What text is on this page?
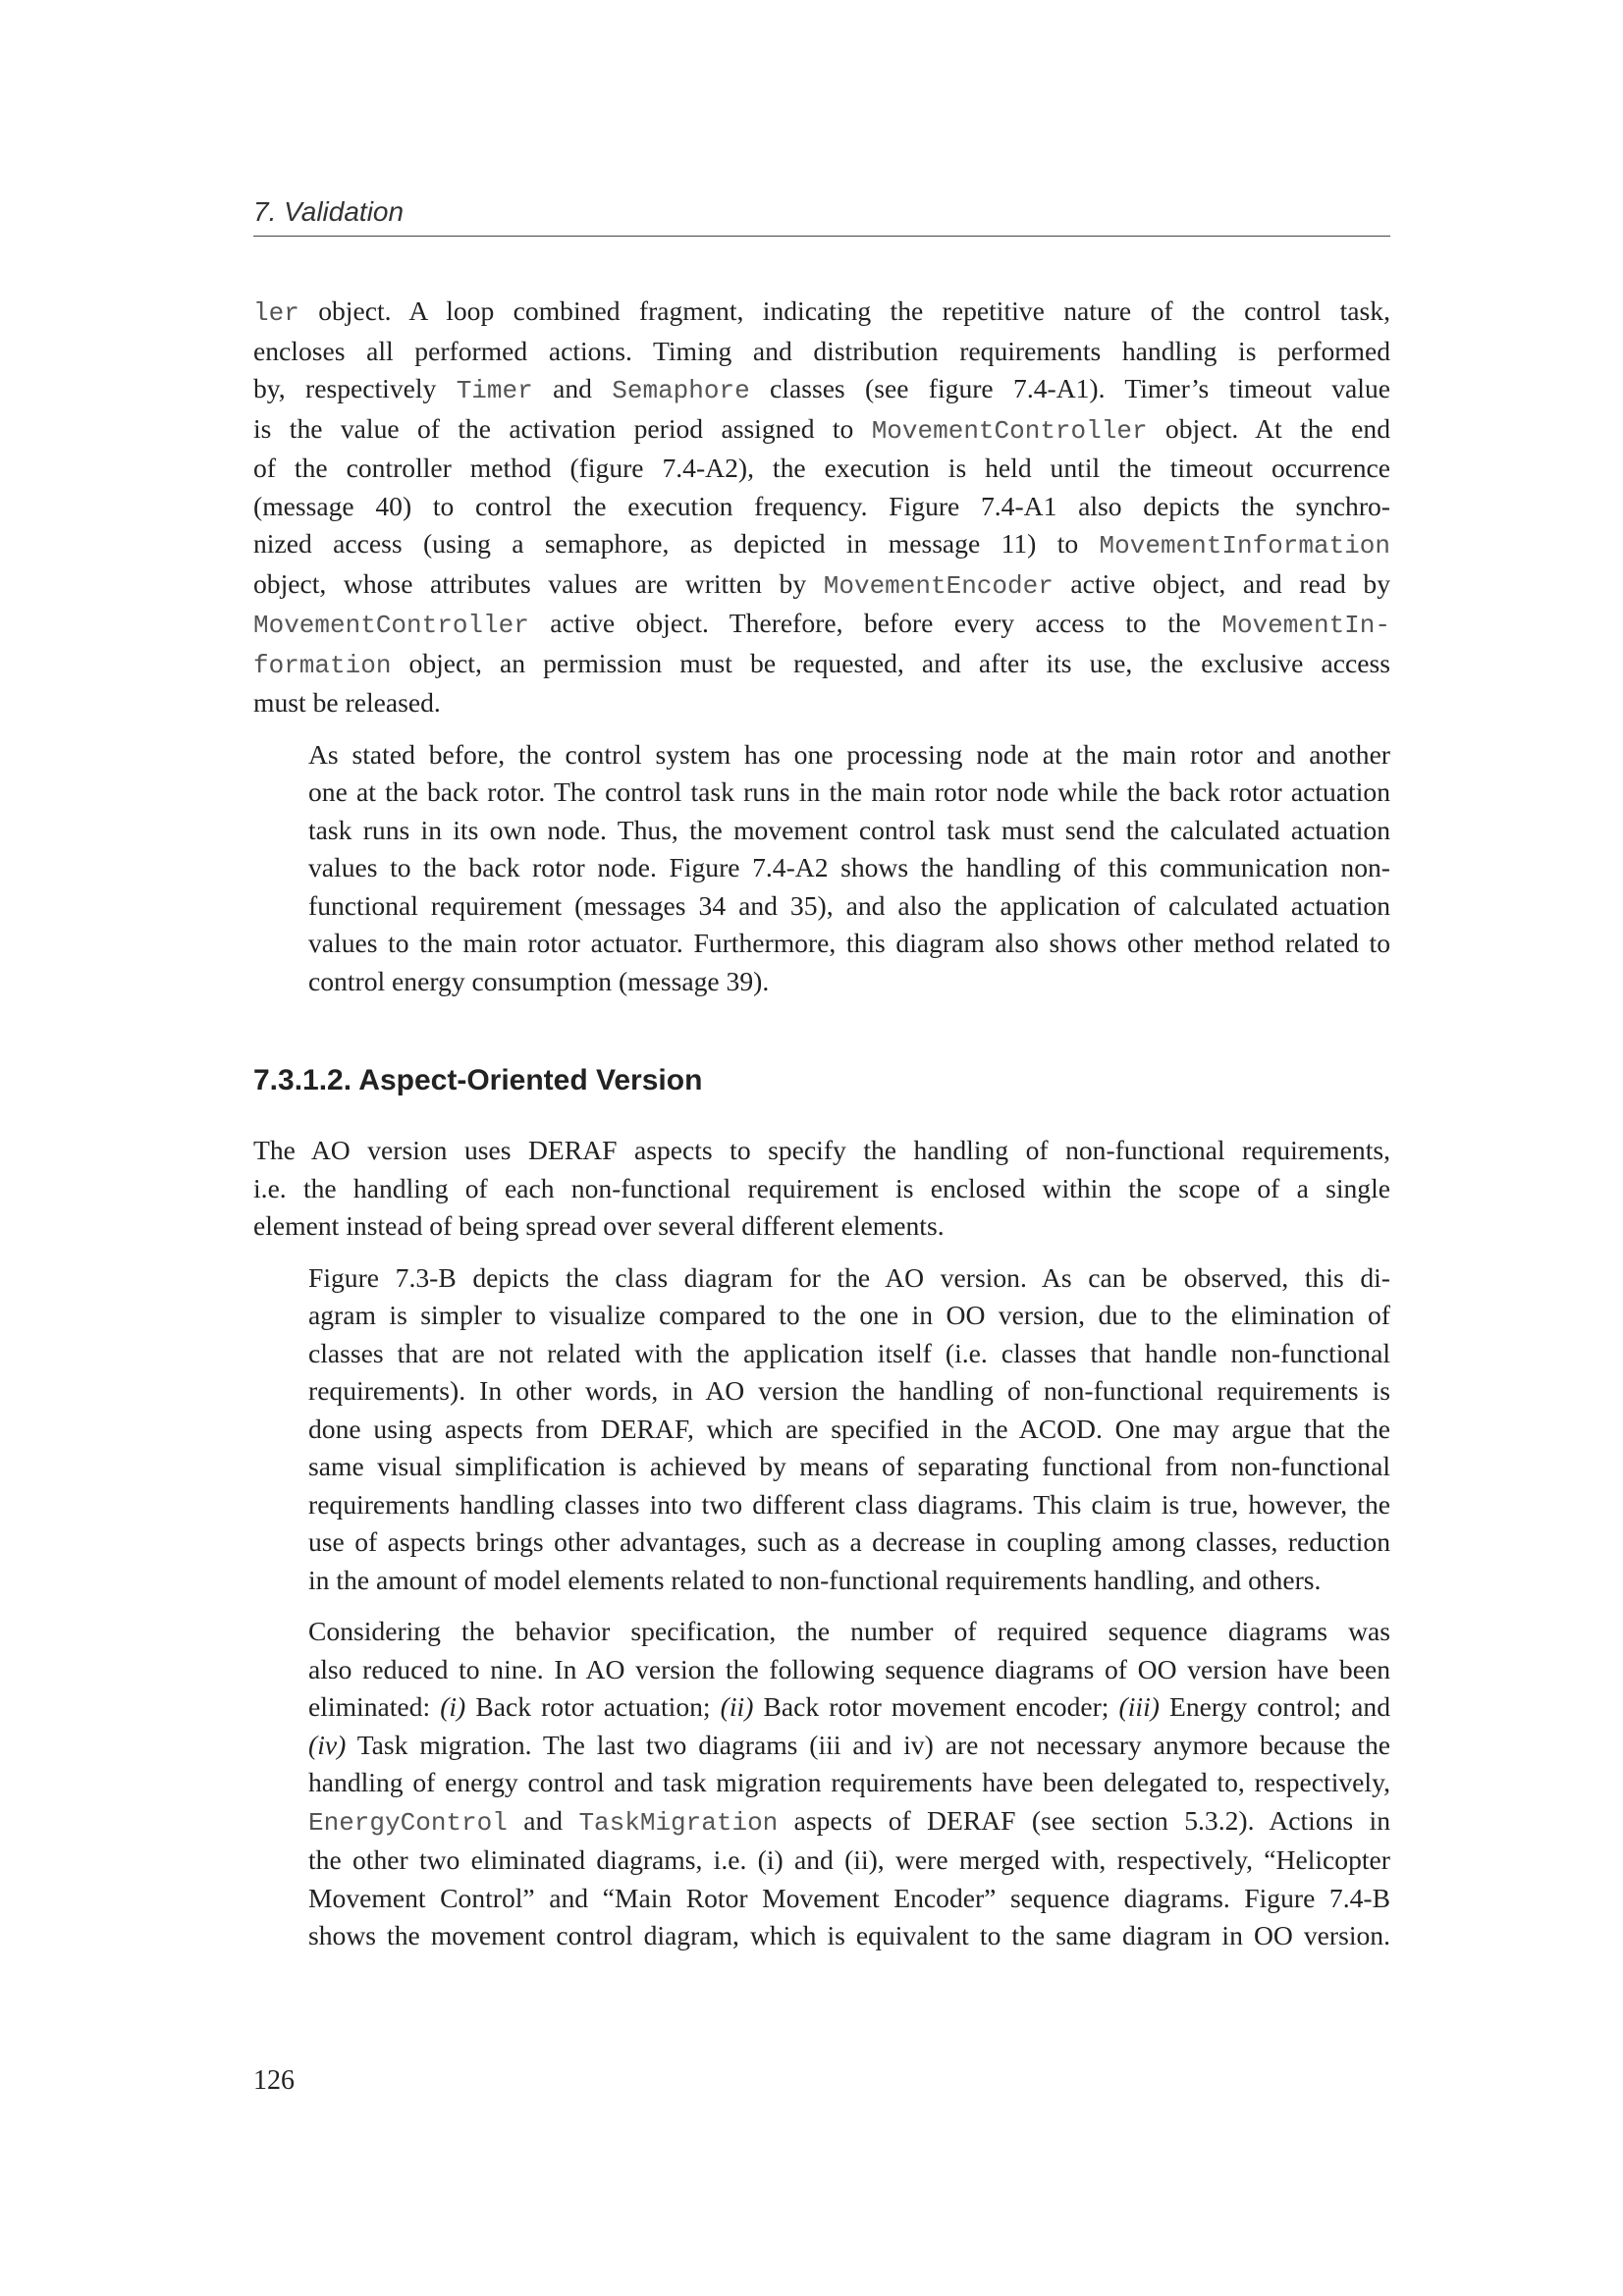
7. Validation

ler object. A loop combined fragment, indicating the repetitive nature of the control task,
encloses all performed actions. Timing and distribution requirements handling is performed
by, respectively Timer and Semaphore classes (see figure 7.4-A1). Timer’s timeout value
is the value of the activation period assigned to MovementController object. At the end
of the controller method (figure 7.4-A2), the execution is held until the timeout occurrence
(message 40) to control the execution frequency. Figure 7.4-A1 also depicts the synchro-
nized access (using a semaphore, as depicted in message 11) to MovementInformation
object, whose attributes values are written by MovementEncoder active object, and read by
MovementController active object. Therefore, before every access to the MovementIn-
formation object, an permission must be requested, and after its use, the exclusive access
must be released.

As stated before, the control system has one processing node at the main rotor and another
one at the back rotor. The control task runs in the main rotor node while the back rotor actuation
task runs in its own node. Thus, the movement control task must send the calculated actuation
values to the back rotor node. Figure 7.4-A2 shows the handling of this communication non-
functional requirement (messages 34 and 35), and also the application of calculated actuation
values to the main rotor actuator. Furthermore, this diagram also shows other method related to
control energy consumption (message 39).

7.3.1.2. Aspect-Oriented Version

The AO version uses DERAF aspects to specify the handling of non-functional requirements,
i.e. the handling of each non-functional requirement is enclosed within the scope of a single
element instead of being spread over several different elements.

Figure 7.3-B depicts the class diagram for the AO version. As can be observed, this di-
agram is simpler to visualize compared to the one in OO version, due to the elimination of
classes that are not related with the application itself (i.e. classes that handle non-functional
requirements). In other words, in AO version the handling of non-functional requirements is
done using aspects from DERAF, which are specified in the ACOD. One may argue that the
same visual simplification is achieved by means of separating functional from non-functional
requirements handling classes into two different class diagrams. This claim is true, however, the
use of aspects brings other advantages, such as a decrease in coupling among classes, reduction
in the amount of model elements related to non-functional requirements handling, and others.

Considering the behavior specification, the number of required sequence diagrams was
also reduced to nine. In AO version the following sequence diagrams of OO version have been
eliminated: (i) Back rotor actuation; (ii) Back rotor movement encoder; (iii) Energy control; and
(iv) Task migration. The last two diagrams (iii and iv) are not necessary anymore because the
handling of energy control and task migration requirements have been delegated to, respectively,
EnergyControl and TaskMigration aspects of DERAF (see section 5.3.2). Actions in
the other two eliminated diagrams, i.e. (i) and (ii), were merged with, respectively, “Helicopter
Movement Control” and “Main Rotor Movement Encoder” sequence diagrams. Figure 7.4-B
shows the movement control diagram, which is equivalent to the same diagram in OO version.

126
